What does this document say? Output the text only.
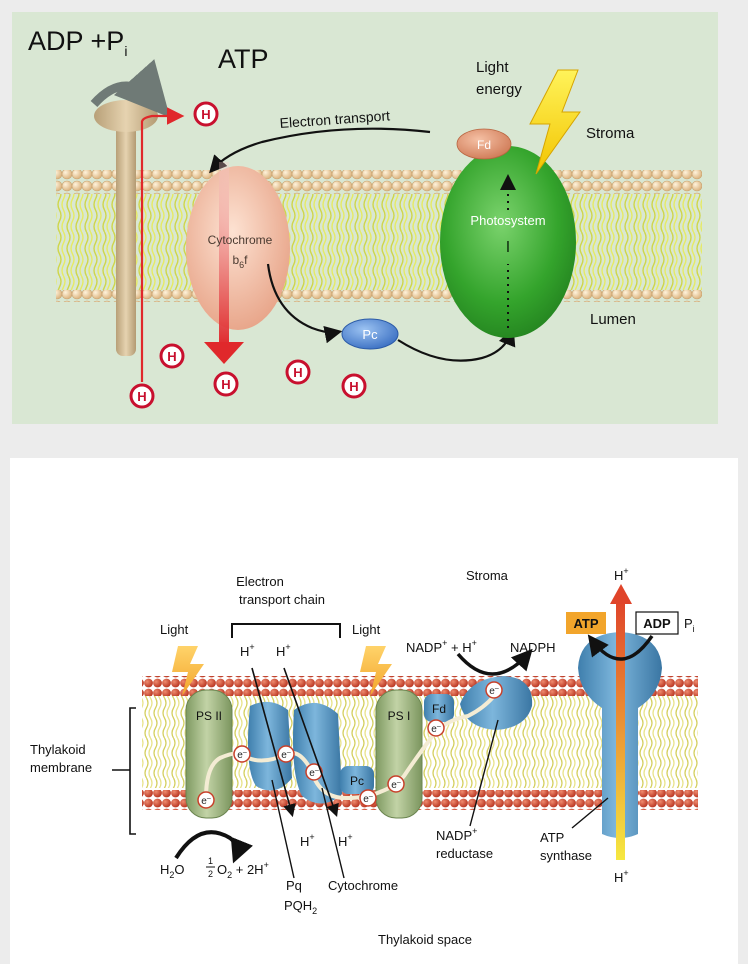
ADP $+P_i$	ATP
Electron transport
Cytochrome
$b_6f$
Pc
Photosystem
I
Fd
Light
energy
Stroma
Lumen
H
H
H
H
H
H
Thylakoid
membrane
Electron
transport chain
Stroma
Thylakoid space
Light	Light
PS II
Pc
PS I Fd
e–
e–	e–
e–
e–
e–
e–
e–
H+ H+
H+ H+
$H_2O$
1
2 $O_2 + 2H^+$
Pq
$PQH_2$
Cytochrome
NADP+
reductase
ATP
synthase
H+
H+
NADP+ + H+	NADPH
ATP	ADP $P_i$
